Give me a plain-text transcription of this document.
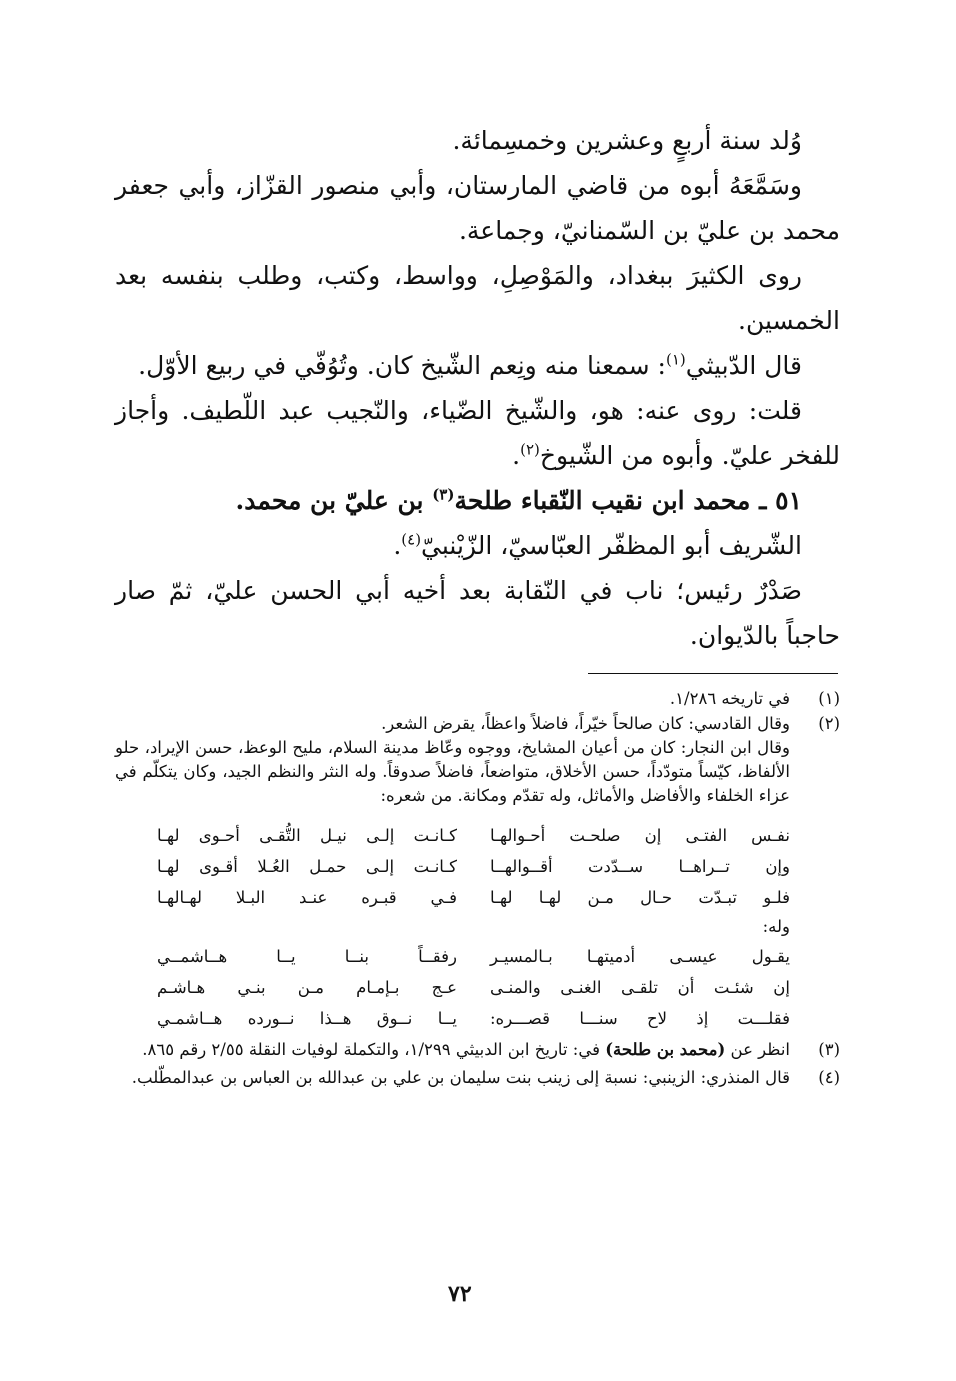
وُلد سنة أربعٍ وعشرين وخمسِمائة.

وسَمَّعَهُ أبوه من قاضي المارستان، وأبي منصور القزّاز، وأبي جعفر محمد بن عليّ بن السّمنانيّ، وجماعة.

روى الكثيرَ ببغداد، والمَوْصِلِ، وواسط، وكتب، وطلب بنفسه بعد الخمسين.

قال الدّبيثي$^{(١)}$: سمعنا منه ونِعم الشّيخ كان. وتُوُفّي في ربيع الأوّل.

قلت: روى عنه: هو، والشّيخ الضّياء، والنّجيب عبد اللّطيف. وأجاز للفخر عليّ. وأبوه من الشّيوخ$^{(٢)}$.

٥١ ـ محمد ابن نقيب النّقباء طلحة$^{(٣)}$ بن عليّ بن محمد.

الشّريف أبو المظفّر العبّاسيّ، الزّيْنبيّ$^{(٤)}$.

صَدْرٌ رئيس؛ ناب في النّقابة بعد أخيه أبي الحسن عليّ، ثمّ صار حاجباً بالدّيوان.

(١)
في تاريخه ١/٢٨٦.
(٢)

وقال القادسي: كان صالحاً خيّراً، فاضلاً واعظاً، يقرض الشعر.

وقال ابن النجار: كان من أعيان المشايخ، ووجوه وعّاظ مدينة السلام، مليح الوعظ، حسن الإيراد، حلو الألفاظ، كيّساً متودّداً، حسن الأخلاق، متواضعاً، فاضلاً صدوقاً. وله النثر والنظم الجيد، وكان يتكلّم في عزاء الخلفاء والأفاضل والأماثل، وله تقدّم ومكانة. من شعره:

نفـس الفتـى إن صلحـت أحـوالهـا
كـانـت إلـى نيـل التُّقـى أحـوى لهـا
وإن تــراهــا ســدّدت أقــوالهــا
كـانـت إلـى حمـل العُـلا أقـوى لهـا
فلـو تبـدّت حـال مـن لهـا لهـا
فـي قبـره عنـد البـلا لهـالهـا
وله:
يقـول عيسـى أدميتهـا بـالمسيـر
رفقــاً بنــا يــا هــاشمــي
إن شئـت أن تلقـى الغنـى والمنـى
عـج بـإمـام مـن بنـي هـاشـم
فقلـــت إذ لاح سنـــا قصـــره:
يــا نــوق هــذا نــورده هــاشمـي
(٣)
انظر عن (محمد بن طلحة) في: تاريخ ابن الدبيثي ١/٢٩٩، والتكملة لوفيات النقلة ٢/٥٥ رقم ٨٦٥.
(٤)
قال المنذري: الزينبي: نسبة إلى زينب بنت سليمان بن علي بن عبدالله بن العباس بن عبدالمطّلب.
٧٢
